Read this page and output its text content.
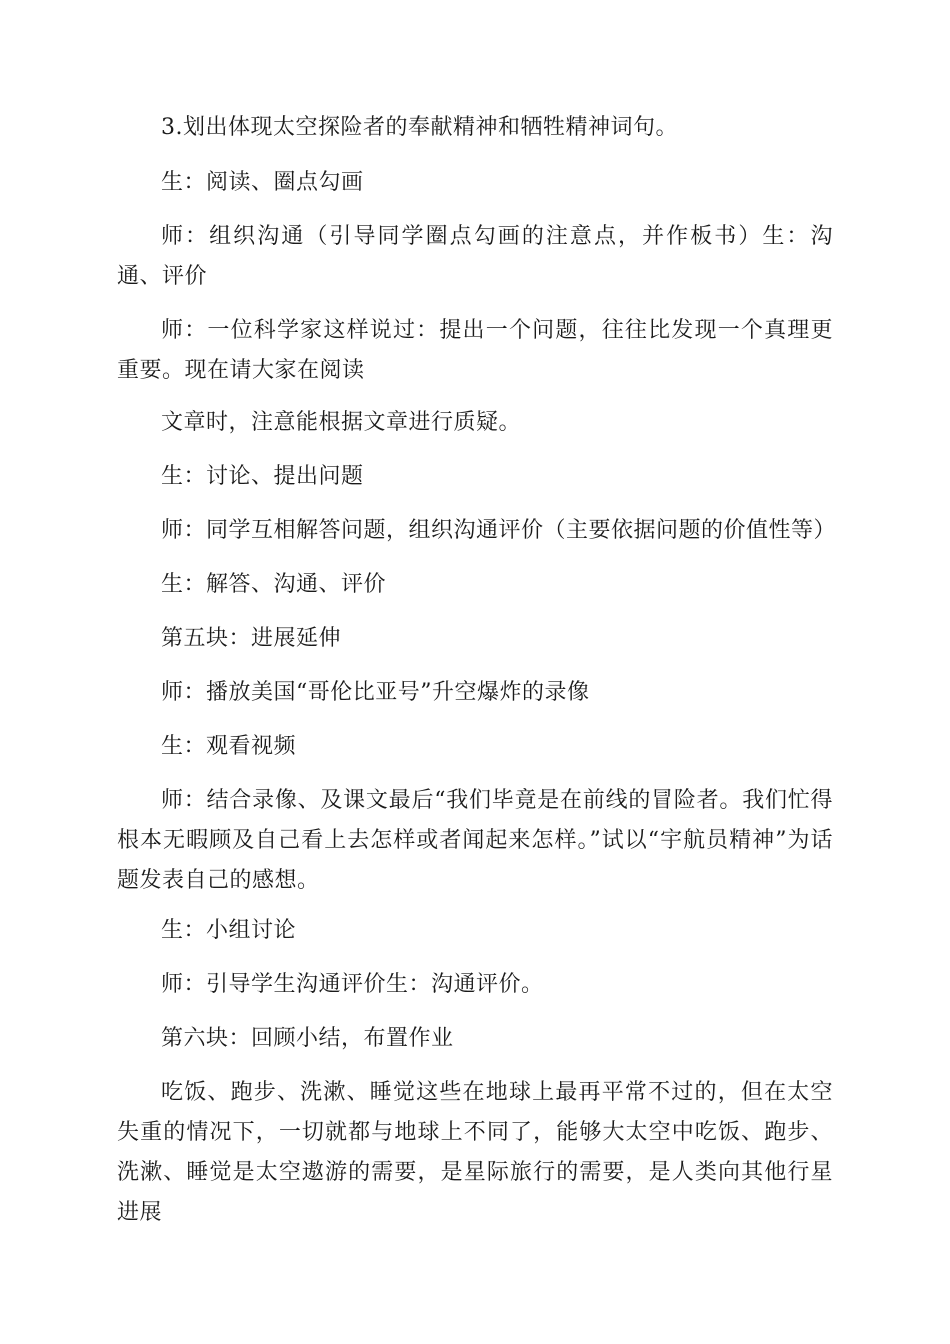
3.划出体现太空探险者的奉献精神和牺牲精神词句。

生：阅读、圈点勾画

师：组织沟通（引导同学圈点勾画的注意点，并作板书）生：沟通、评价

师：一位科学家这样说过：提出一个问题，往往比发现一个真理更重要。现在请大家在阅读

文章时，注意能根据文章进行质疑。

生：讨论、提出问题

师：同学互相解答问题，组织沟通评价（主要依据问题的价值性等）

生：解答、沟通、评价

第五块：进展延伸

师：播放美国“哥伦比亚号”升空爆炸的录像

生：观看视频

师：结合录像、及课文最后“我们毕竟是在前线的冒险者。我们忙得根本无暇顾及自己看上去怎样或者闻起来怎样。”试以“宇航员精神”为话题发表自己的感想。

生：小组讨论

师：引导学生沟通评价生：沟通评价。

第六块：回顾小结，布置作业

吃饭、跑步、洗漱、睡觉这些在地球上最再平常不过的，但在太空失重的情况下，一切就都与地球上不同了，能够大太空中吃饭、跑步、洗漱、睡觉是太空遨游的需要，是星际旅行的需要，是人类向其他行星进展
